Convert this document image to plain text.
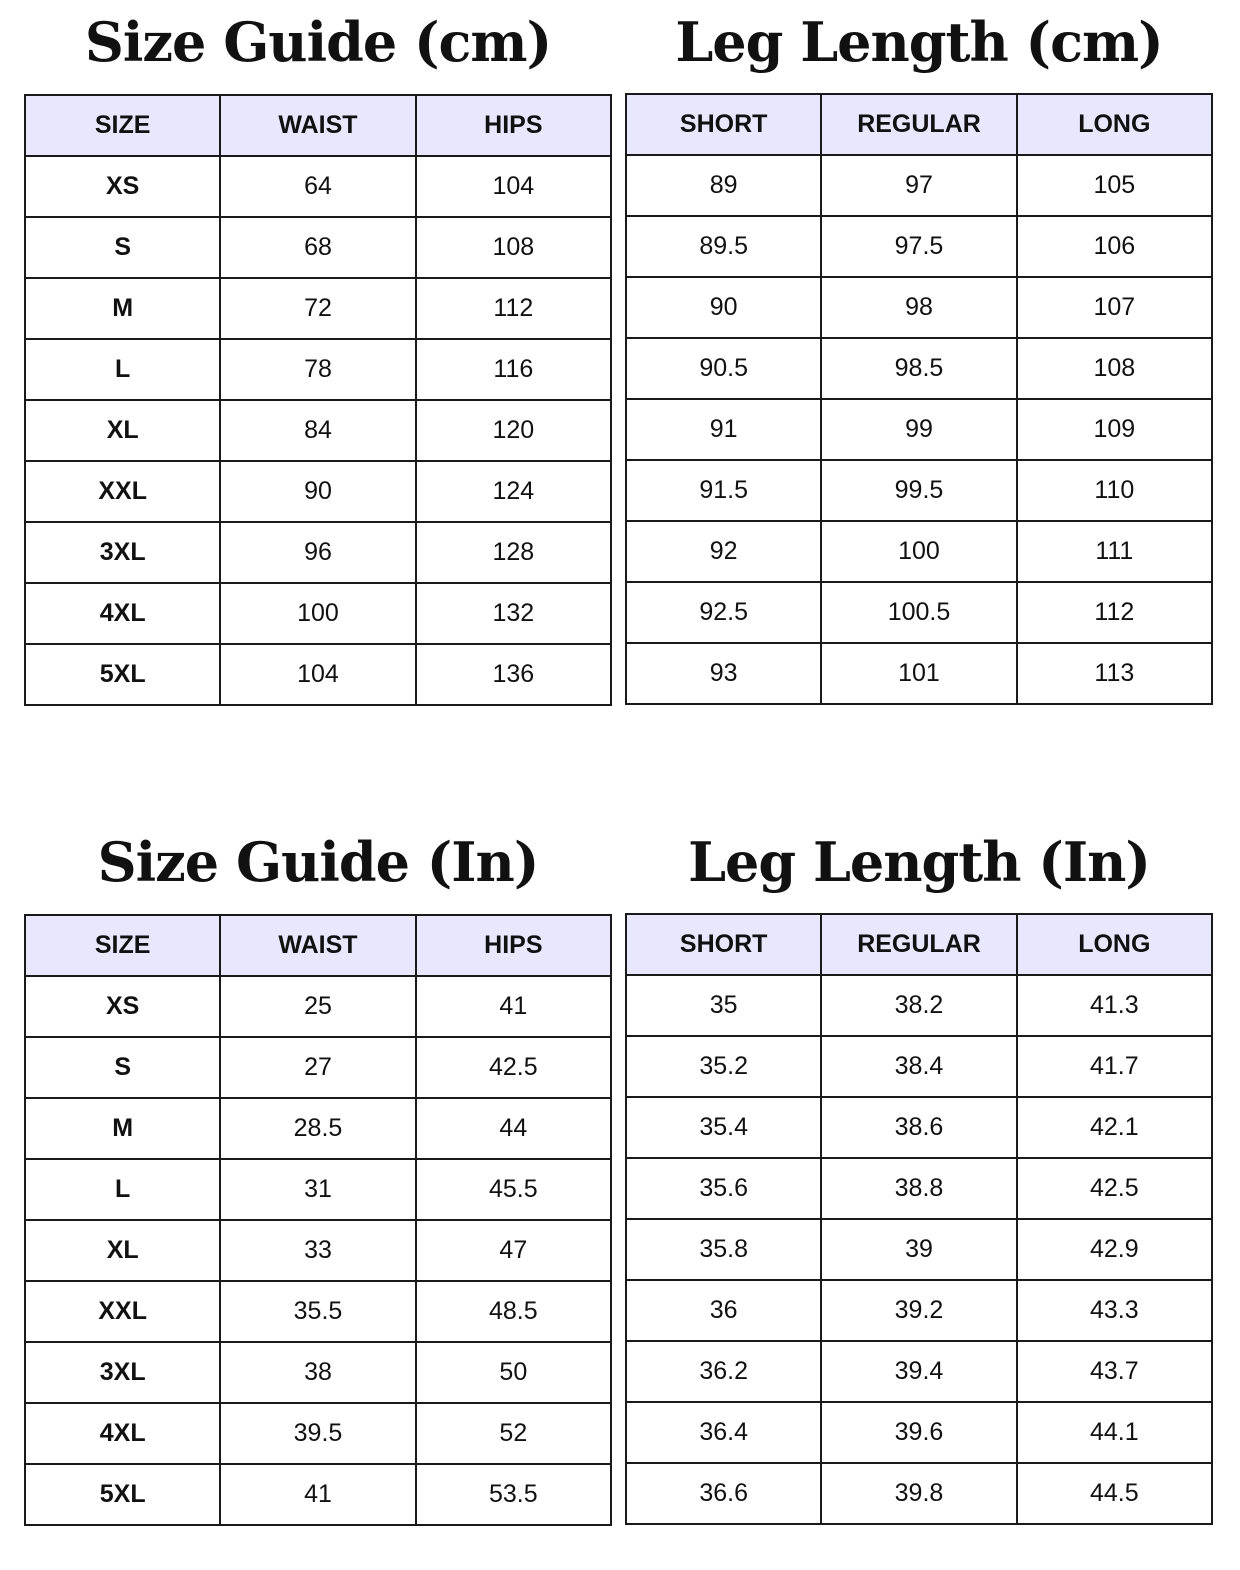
Size Guide (cm)
SIZE	WAIST	HIPS
XS	64	104
S	68	108
M	72	112
L	78	116
XL	84	120
XXL	90	124
3XL	96	128
4XL	100	132
5XL	104	136
Leg Length (cm)
SHORT	REGULAR	LONG
89	97	105
89.5	97.5	106
90	98	107
90.5	98.5	108
91	99	109
91.5	99.5	110
92	100	111
92.5	100.5	112
93	101	113
Size Guide (In)
SIZE	WAIST	HIPS
XS	25	41
S	27	42.5
M	28.5	44
L	31	45.5
XL	33	47
XXL	35.5	48.5
3XL	38	50
4XL	39.5	52
5XL	41	53.5
Leg Length (In)
SHORT	REGULAR	LONG
35	38.2	41.3
35.2	38.4	41.7
35.4	38.6	42.1
35.6	38.8	42.5
35.8	39	42.9
36	39.2	43.3
36.2	39.4	43.7
36.4	39.6	44.1
36.6	39.8	44.5
